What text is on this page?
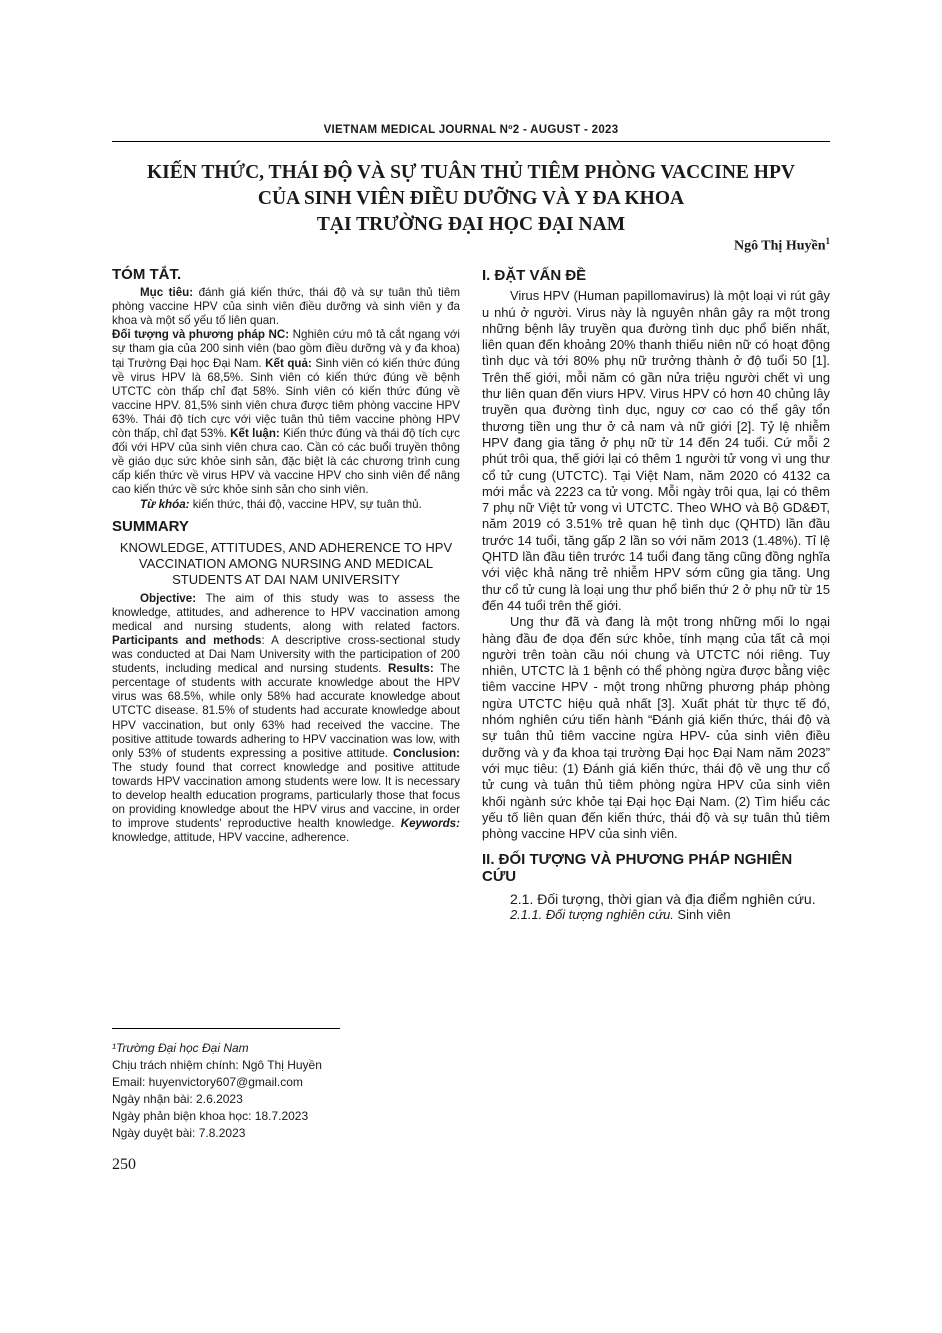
VIETNAM MEDICAL JOURNAL Nº2 - AUGUST - 2023
KIẾN THỨC, THÁI ĐỘ VÀ SỰ TUÂN THỦ TIÊM PHÒNG VACCINE HPV
CỦA SINH VIÊN ĐIỀU DƯỠNG VÀ Y ĐA KHOA
TẠI TRƯỜNG ĐẠI HỌC ĐẠI NAM
Ngô Thị Huyền$^1$
TÓM TẮT.

Mục tiêu: đánh giá kiến thức, thái độ và sự tuân thủ tiêm phòng vaccine HPV của sinh viên điều dưỡng và sinh viên y đa khoa và một số yếu tố liên quan.

Đối tượng và phương pháp NC: Nghiên cứu mô tả cắt ngang với sự tham gia của 200 sinh viên (bao gồm điều dưỡng và y đa khoa) tại Trường Đại học Đại Nam. Kết quả: Sinh viên có kiến thức đúng về virus HPV là 68,5%. Sinh viên có kiến thức đúng về bệnh UTCTC còn thấp chỉ đạt 58%. Sinh viên có kiến thức đúng về vaccine HPV. 81,5% sinh viên chưa được tiêm phòng vaccine HPV 63%. Thái độ tích cực với việc tuân thủ tiêm vaccine phòng HPV còn thấp, chỉ đạt 53%. Kết luận: Kiến thức đúng và thái độ tích cực đối với HPV của sinh viên chưa cao. Cần có các buổi truyền thông về giáo dục sức khỏe sinh sản, đặc biệt là các chương trình cung cấp kiến thức về virus HPV và vaccine HPV cho sinh viên để nâng cao kiến thức về sức khỏe sinh sản cho sinh viên.

Từ khóa: kiến thức, thái độ, vaccine HPV, sự tuân thủ.

SUMMARY

KNOWLEDGE, ATTITUDES, AND ADHERENCE TO HPV VACCINATION AMONG NURSING AND MEDICAL STUDENTS AT DAI NAM UNIVERSITY

Objective: The aim of this study was to assess the knowledge, attitudes, and adherence to HPV vaccination among medical and nursing students, along with related factors. Participants and methods: A descriptive cross-sectional study was conducted at Dai Nam University with the participation of 200 students, including medical and nursing students. Results: The percentage of students with accurate knowledge about the HPV virus was 68.5%, while only 58% had accurate knowledge about UTCTC disease. 81.5% of students had accurate knowledge about HPV vaccination, but only 63% had received the vaccine. The positive attitude towards adhering to HPV vaccination was low, with only 53% of students expressing a positive attitude. Conclusion: The study found that correct knowledge and positive attitude towards HPV vaccination among students were low. It is necessary to develop health education programs, particularly those that focus on providing knowledge about the HPV virus and vaccine, in order to improve students' reproductive health knowledge. Keywords: knowledge, attitude, HPV vaccine, adherence.

¹Trường Đại học Đại Nam
Chịu trách nhiệm chính: Ngô Thị Huyền
Email: huyenvictory607@gmail.com
Ngày nhận bài: 2.6.2023
Ngày phản biện khoa học: 18.7.2023
Ngày duyệt bài: 7.8.2023
250
I. ĐẶT VẤN ĐỀ

Virus HPV (Human papillomavirus) là một loại vi rút gây u nhú ở người. Virus này là nguyên nhân gây ra một trong những bệnh lây truyền qua đường tình dục phổ biến nhất, liên quan đến khoảng 20% thanh thiếu niên nữ có hoạt động tình dục và tới 80% phụ nữ trưởng thành ở độ tuổi 50 [1]. Trên thế giới, mỗi năm có gần nửa triệu người chết vì ung thư liên quan đến viurs HPV. Virus HPV có hơn 40 chủng lây truyền qua đường tình dục, nguy cơ cao có thể gây tổn thương tiền ung thư ở cả nam và nữ giới [2]. Tỷ lệ nhiễm HPV đang gia tăng ở phụ nữ từ 14 đến 24 tuổi. Cứ mỗi 2 phút trôi qua, thế giới lại có thêm 1 người tử vong vì ung thư cổ tử cung (UTCTC). Tại Việt Nam, năm 2020 có 4132 ca mới mắc và 2223 ca tử vong. Mỗi ngày trôi qua, lại có thêm 7 phụ nữ Việt tử vong vì UTCTC. Theo WHO và Bộ GD&ĐT, năm 2019 có 3.51% trẻ quan hệ tình dục (QHTD) lần đầu trước 14 tuổi, tăng gấp 2 lần so với năm 2013 (1.48%). Tỉ lệ QHTD lần đầu tiên trước 14 tuổi đang tăng cũng đồng nghĩa với việc khả năng trẻ nhiễm HPV sớm cũng gia tăng. Ung thư cổ tử cung là loại ung thư phổ biến thứ 2 ở phụ nữ từ 15 đến 44 tuổi trên thế giới.

Ung thư đã và đang là một trong những mối lo ngại hàng đầu đe dọa đến sức khỏe, tính mạng của tất cả mọi người trên toàn cầu nói chung và UTCTC nói riêng. Tuy nhiên, UTCTC là 1 bệnh có thể phòng ngừa được bằng việc tiêm vaccine HPV - một trong những phương pháp phòng ngừa UTCTC hiệu quả nhất [3]. Xuất phát từ thực tế đó, nhóm nghiên cứu tiến hành “Đánh giá kiến thức, thái độ và sự tuân thủ tiêm vaccine ngừa HPV- của sinh viên điều dưỡng và y đa khoa tại trường Đại học Đại Nam năm 2023” với mục tiêu: (1) Đánh giá kiến thức, thái độ về ung thư cổ tử cung và tuân thủ tiêm phòng ngừa HPV của sinh viên khối ngành sức khỏe tại Đại học Đại Nam. (2) Tìm hiểu các yếu tố liên quan đến kiến thức, thái độ và sự tuân thủ tiêm phòng vaccine HPV của sinh viên.

II. ĐỐI TƯỢNG VÀ PHƯƠNG PHÁP NGHIÊN CỨU

2.1. Đối tượng, thời gian và địa điểm nghiên cứu.

2.1.1. Đối tượng nghiên cứu. Sinh viên
